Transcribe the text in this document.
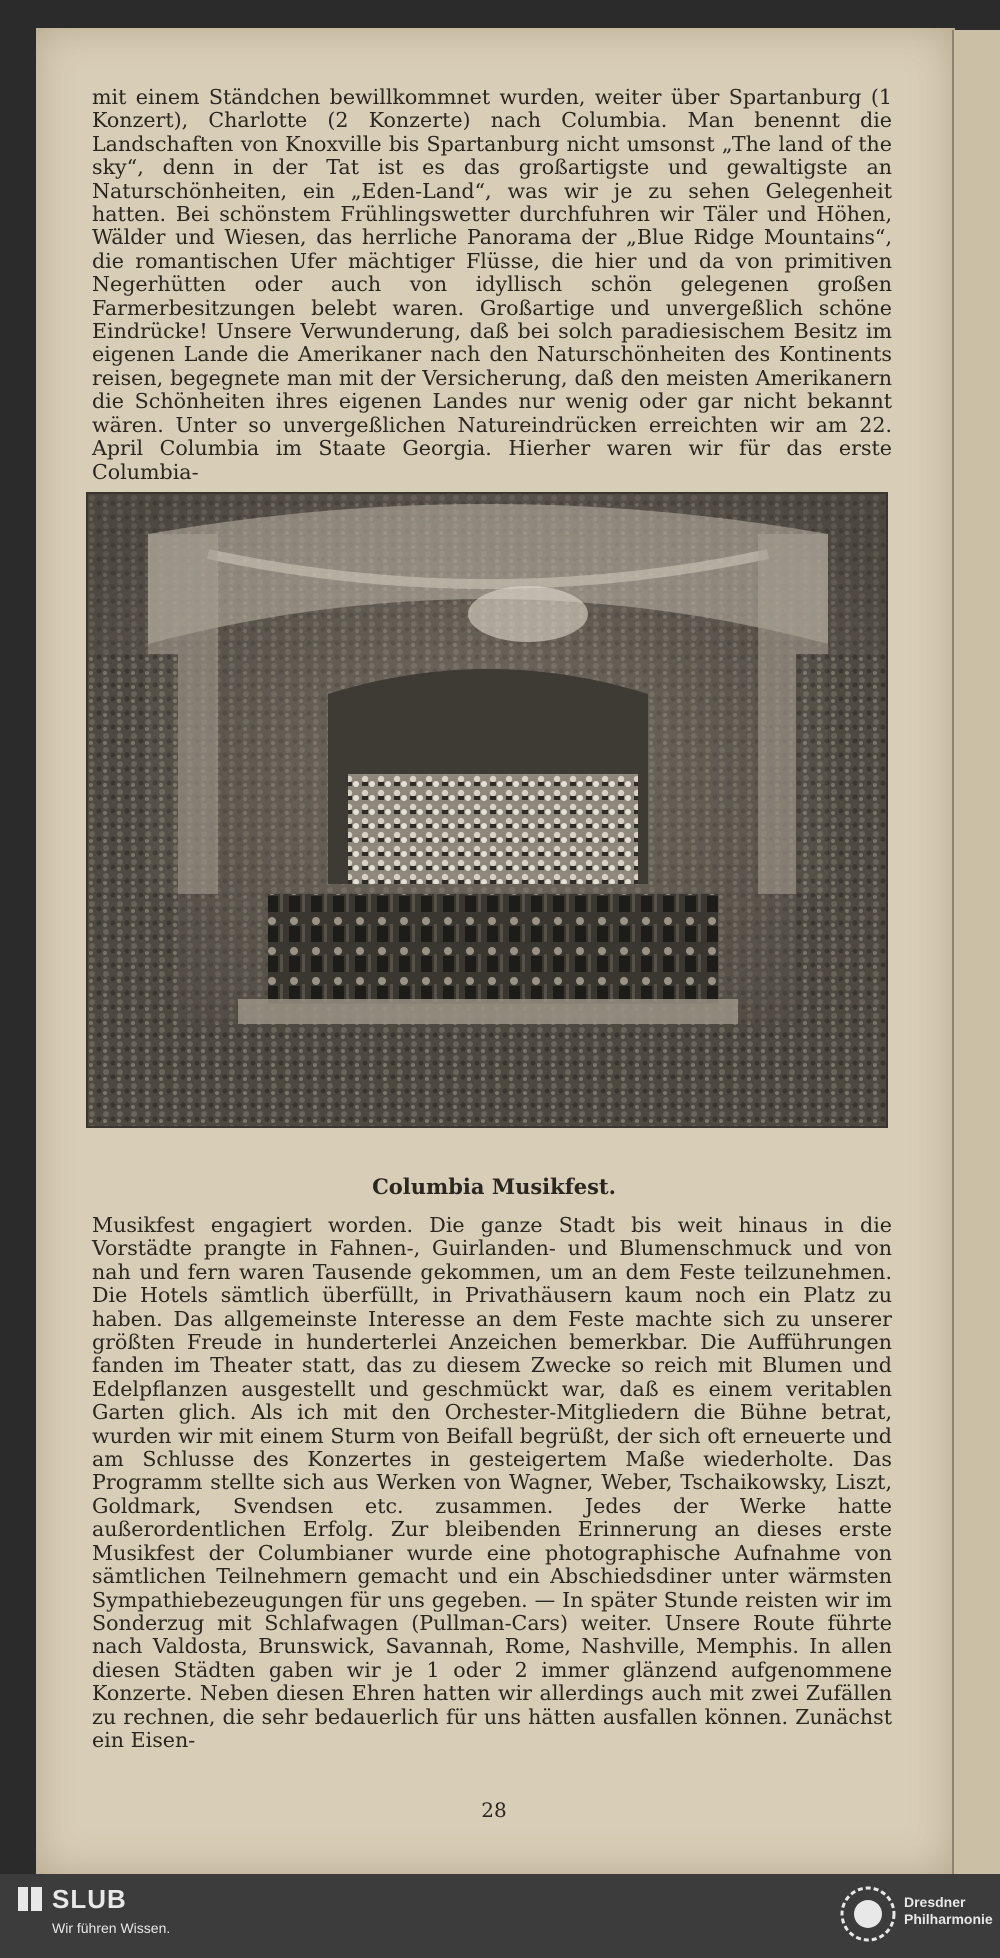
mit einem Ständchen bewillkommnet wurden, weiter über Spartanburg (1 Konzert), Charlotte (2 Konzerte) nach Columbia. Man benennt die Landschaften von Knoxville bis Spartanburg nicht umsonst „The land of the sky“, denn in der Tat ist es das großartigste und gewaltigste an Naturschönheiten, ein „Eden-Land“, was wir je zu sehen Gelegenheit hatten. Bei schönstem Frühlingswetter durchfuhren wir Täler und Höhen, Wälder und Wiesen, das herrliche Panorama der „Blue Ridge Mountains“, die romantischen Ufer mächtiger Flüsse, die hier und da von primitiven Negerhütten oder auch von idyllisch schön gelegenen großen Farmerbesitzungen belebt waren. Großartige und unvergeßlich schöne Eindrücke! Unsere Verwunderung, daß bei solch paradiesischem Besitz im eigenen Lande die Amerikaner nach den Naturschönheiten des Kontinents reisen, begegnete man mit der Versicherung, daß den meisten Amerikanern die Schönheiten ihres eigenen Landes nur wenig oder gar nicht bekannt wären. Unter so unvergeßlichen Natureindrücken erreichten wir am 22. April Columbia im Staate Georgia. Hierher waren wir für das erste Columbia-

Columbia Musikfest.

Musikfest engagiert worden. Die ganze Stadt bis weit hinaus in die Vorstädte prangte in Fahnen-, Guirlanden- und Blumenschmuck und von nah und fern waren Tausende gekommen, um an dem Feste teilzunehmen. Die Hotels sämtlich überfüllt, in Privathäusern kaum noch ein Platz zu haben. Das allgemeinste Interesse an dem Feste machte sich zu unserer größten Freude in hunderterlei Anzeichen bemerkbar. Die Aufführungen fanden im Theater statt, das zu diesem Zwecke so reich mit Blumen und Edelpflanzen ausgestellt und geschmückt war, daß es einem veritablen Garten glich. Als ich mit den Orchester-Mitgliedern die Bühne betrat, wurden wir mit einem Sturm von Beifall begrüßt, der sich oft erneuerte und am Schlusse des Konzertes in gesteigertem Maße wiederholte. Das Programm stellte sich aus Werken von Wagner, Weber, Tschaikowsky, Liszt, Goldmark, Svendsen etc. zusammen. Jedes der Werke hatte außerordentlichen Erfolg. Zur bleibenden Erinnerung an dieses erste Musikfest der Columbianer wurde eine photographische Aufnahme von sämtlichen Teilnehmern gemacht und ein Abschiedsdiner unter wärmsten Sympathiebezeugungen für uns gegeben. — In später Stunde reisten wir im Sonderzug mit Schlafwagen (Pullman-Cars) weiter. Unsere Route führte nach Valdosta, Brunswick, Savannah, Rome, Nashville, Memphis. In allen diesen Städten gaben wir je 1 oder 2 immer glänzend aufgenommene Konzerte. Neben diesen Ehren hatten wir allerdings auch mit zwei Zufällen zu rechnen, die sehr bedauerlich für uns hätten ausfallen können. Zunächst ein Eisen-

28
SLUB
Wir führen Wissen.
Dresdner
Philharmonie
